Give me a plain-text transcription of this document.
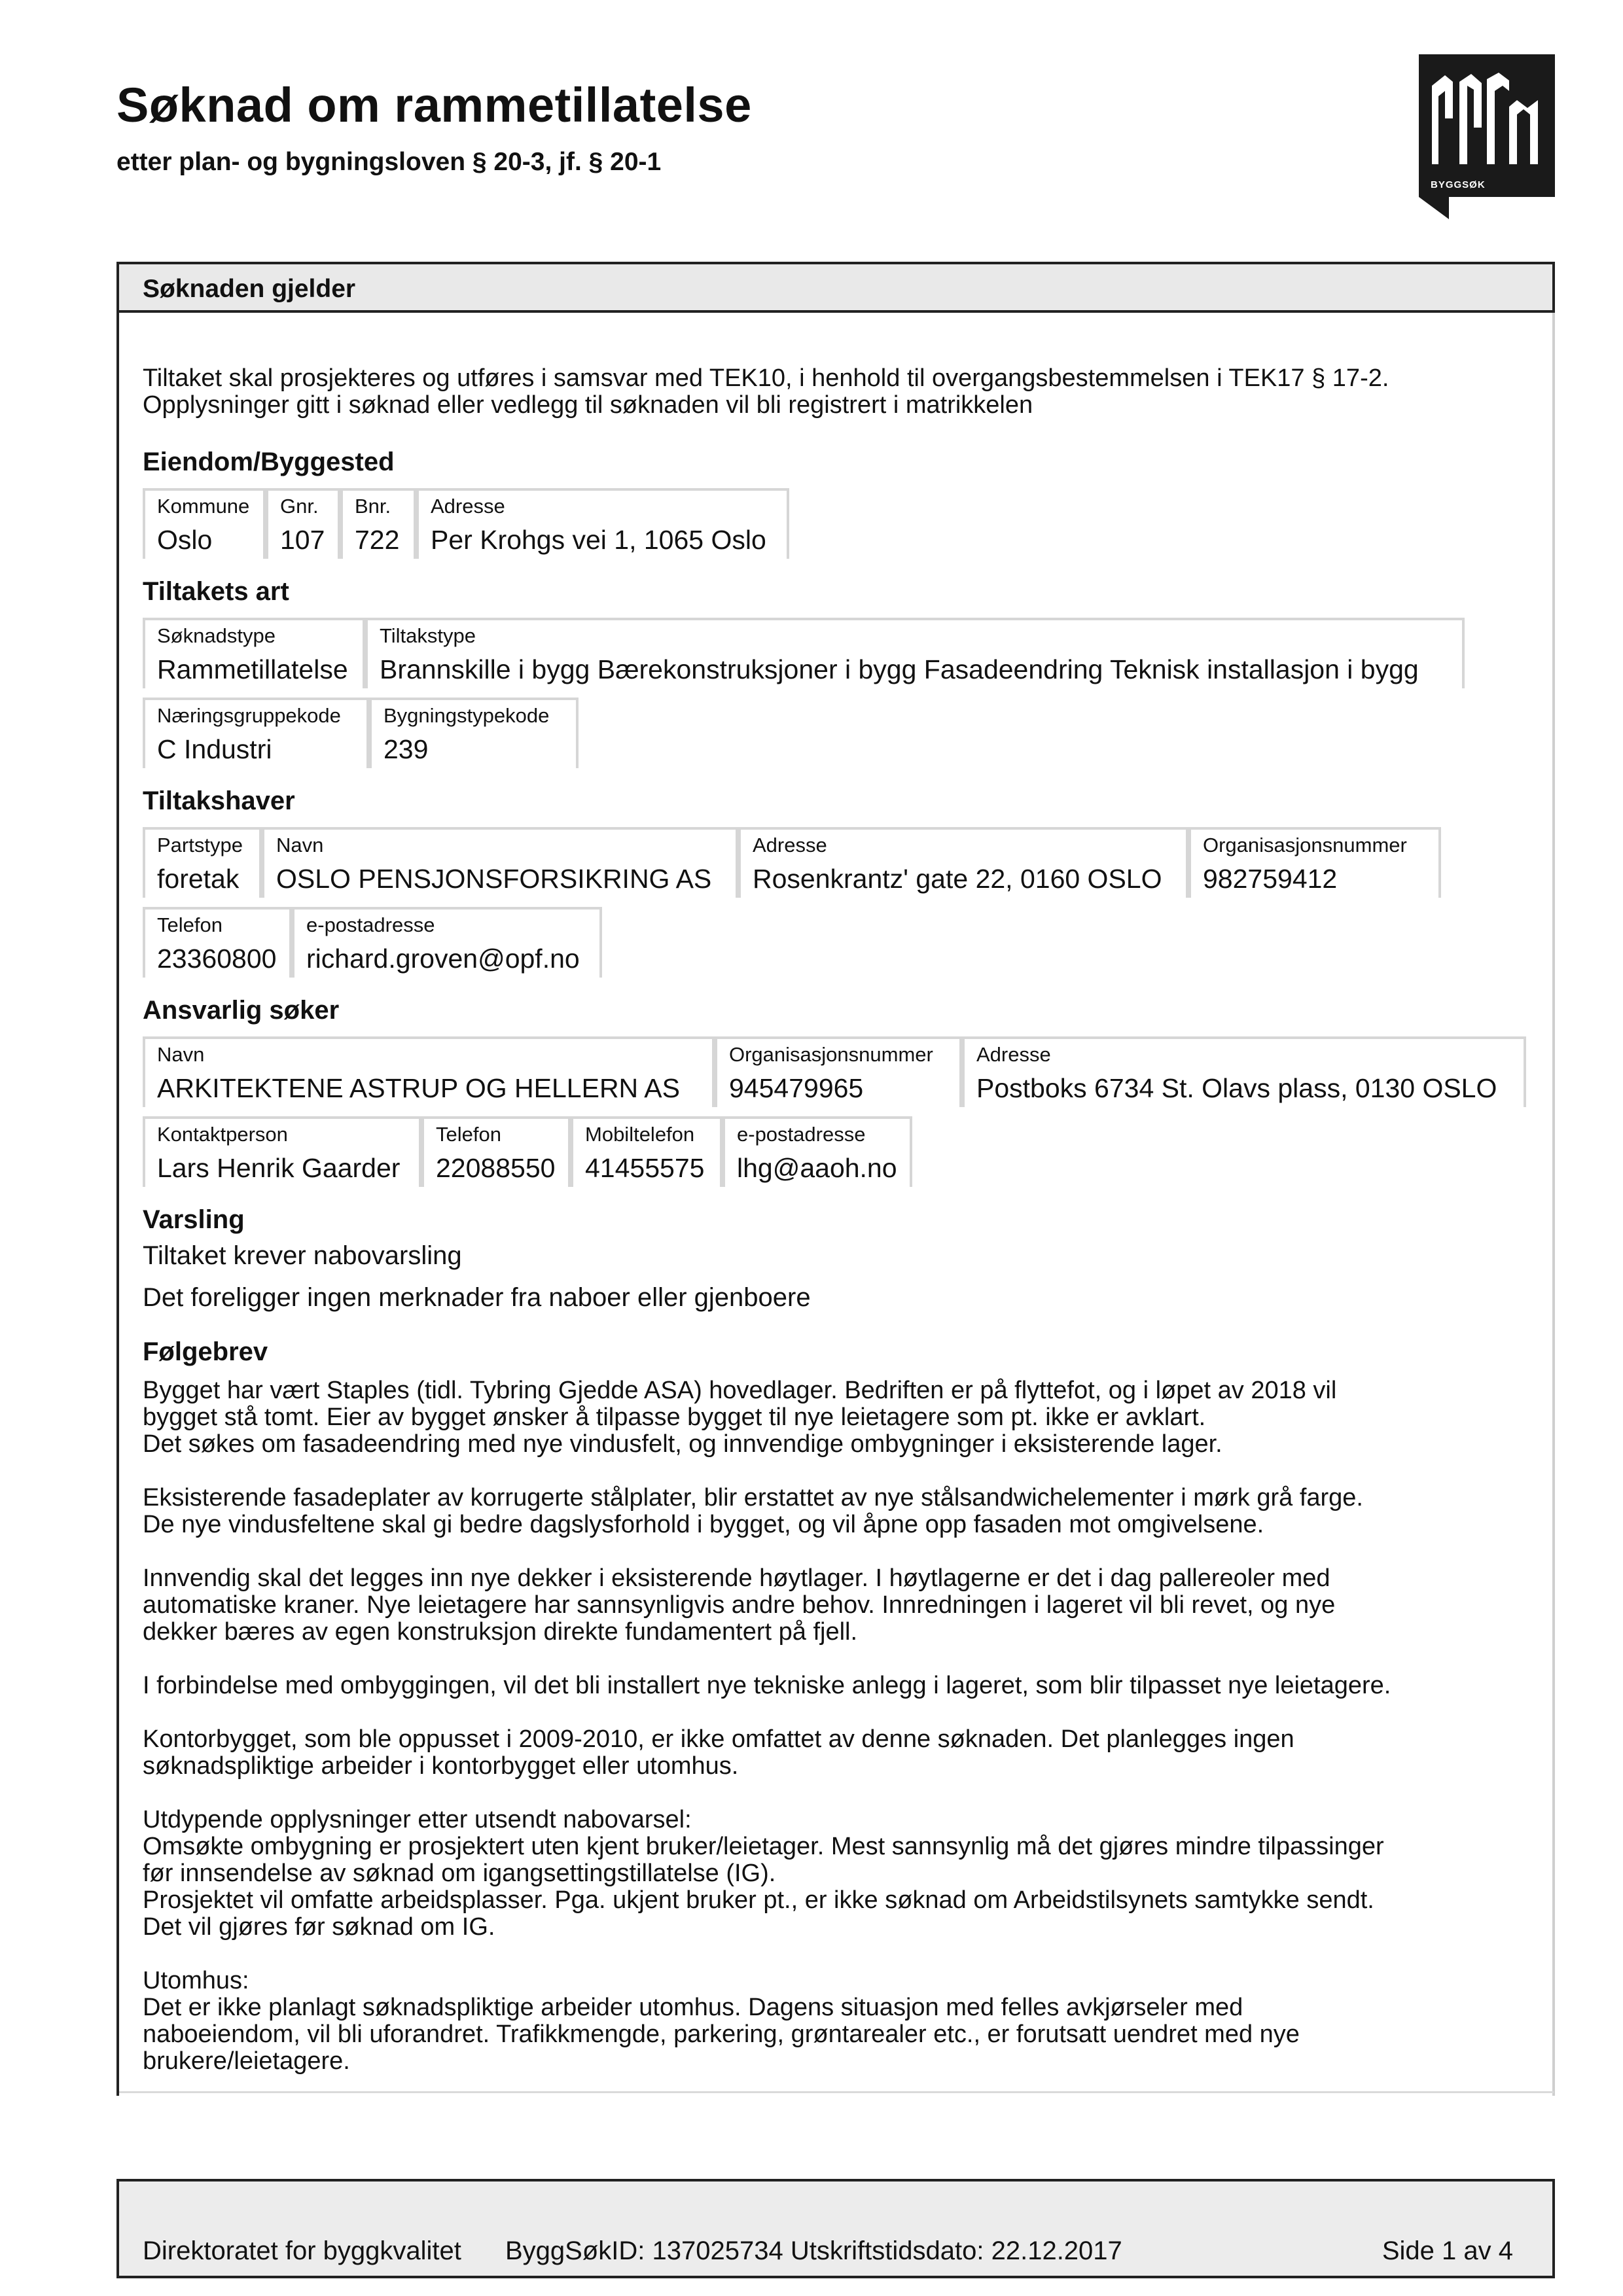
Søknad om rammetillatelse
etter plan- og bygningsloven § 20-3, jf. § 20-1
BYGGSØK
Søknaden gjelder
Tiltaket skal prosjekteres og utføres i samsvar med TEK10, i henhold til overgangsbestemmelsen i TEK17 § 17-2.
Opplysninger gitt i søknad eller vedlegg til søknaden vil bli registrert i matrikkelen
Eiendom/Byggested
Kommune
Oslo
Gnr.
107
Bnr.
722
Adresse
Per Krohgs vei 1, 1065 Oslo
Tiltakets art
Søknadstype
Rammetillatelse
Tiltakstype
Brannskille i bygg Bærekonstruksjoner i bygg Fasadeendring Teknisk installasjon i bygg
Næringsgruppekode
C Industri
Bygningstypekode
239
Tiltakshaver
Partstype
foretak
Navn
OSLO PENSJONSFORSIKRING AS
Adresse
Rosenkrantz' gate 22, 0160 OSLO
Organisasjonsnummer
982759412
Telefon
23360800
e-postadresse
richard.groven@opf.no
Ansvarlig søker
Navn
ARKITEKTENE ASTRUP OG HELLERN AS
Organisasjonsnummer
945479965
Adresse
Postboks 6734 St. Olavs plass, 0130 OSLO
Kontaktperson
Lars Henrik Gaarder
Telefon
22088550
Mobiltelefon
41455575
e-postadresse
lhg@aaoh.no
Varsling
Tiltaket krever nabovarsling
Det foreligger ingen merknader fra naboer eller gjenboere
Følgebrev
Bygget har vært Staples (tidl. Tybring Gjedde ASA) hovedlager. Bedriften er på flyttefot, og i løpet av 2018 vil
bygget stå tomt. Eier av bygget ønsker å tilpasse bygget til nye leietagere som pt. ikke er avklart.
Det søkes om fasadeendring med nye vindusfelt, og innvendige ombygninger i eksisterende lager.
Eksisterende fasadeplater av korrugerte stålplater, blir erstattet av nye stålsandwichelementer i mørk grå farge.
De nye vindusfeltene skal gi bedre dagslysforhold i bygget, og vil åpne opp fasaden mot omgivelsene.
Innvendig skal det legges inn nye dekker i eksisterende høytlager. I høytlagerne er det i dag pallereoler med
automatiske kraner. Nye leietagere har sannsynligvis andre behov. Innredningen i lageret vil bli revet, og nye
dekker bæres av egen konstruksjon direkte fundamentert på fjell.
I forbindelse med ombyggingen, vil det bli installert nye tekniske anlegg i lageret, som blir tilpasset nye leietagere.
Kontorbygget, som ble oppusset i 2009-2010, er ikke omfattet av denne søknaden. Det planlegges ingen
søknadspliktige arbeider i kontorbygget eller utomhus.
Utdypende opplysninger etter utsendt nabovarsel:
Omsøkte ombygning er prosjektert uten kjent bruker/leietager. Mest sannsynlig må det gjøres mindre tilpassinger
før innsendelse av søknad om igangsettingstillatelse (IG).
Prosjektet vil omfatte arbeidsplasser. Pga. ukjent bruker pt., er ikke søknad om Arbeidstilsynets samtykke sendt.
Det vil gjøres før søknad om IG.
Utomhus:
Det er ikke planlagt søknadspliktige arbeider utomhus. Dagens situasjon med felles avkjørseler med
naboeiendom, vil bli uforandret. Trafikkmengde, parkering, grøntarealer etc., er forutsatt uendret med nye
brukere/leietagere.
Direktoratet for byggkvalitet ByggSøkID: 137025734 Utskriftstidsdato: 22.12.2017	Side 1 av 4
